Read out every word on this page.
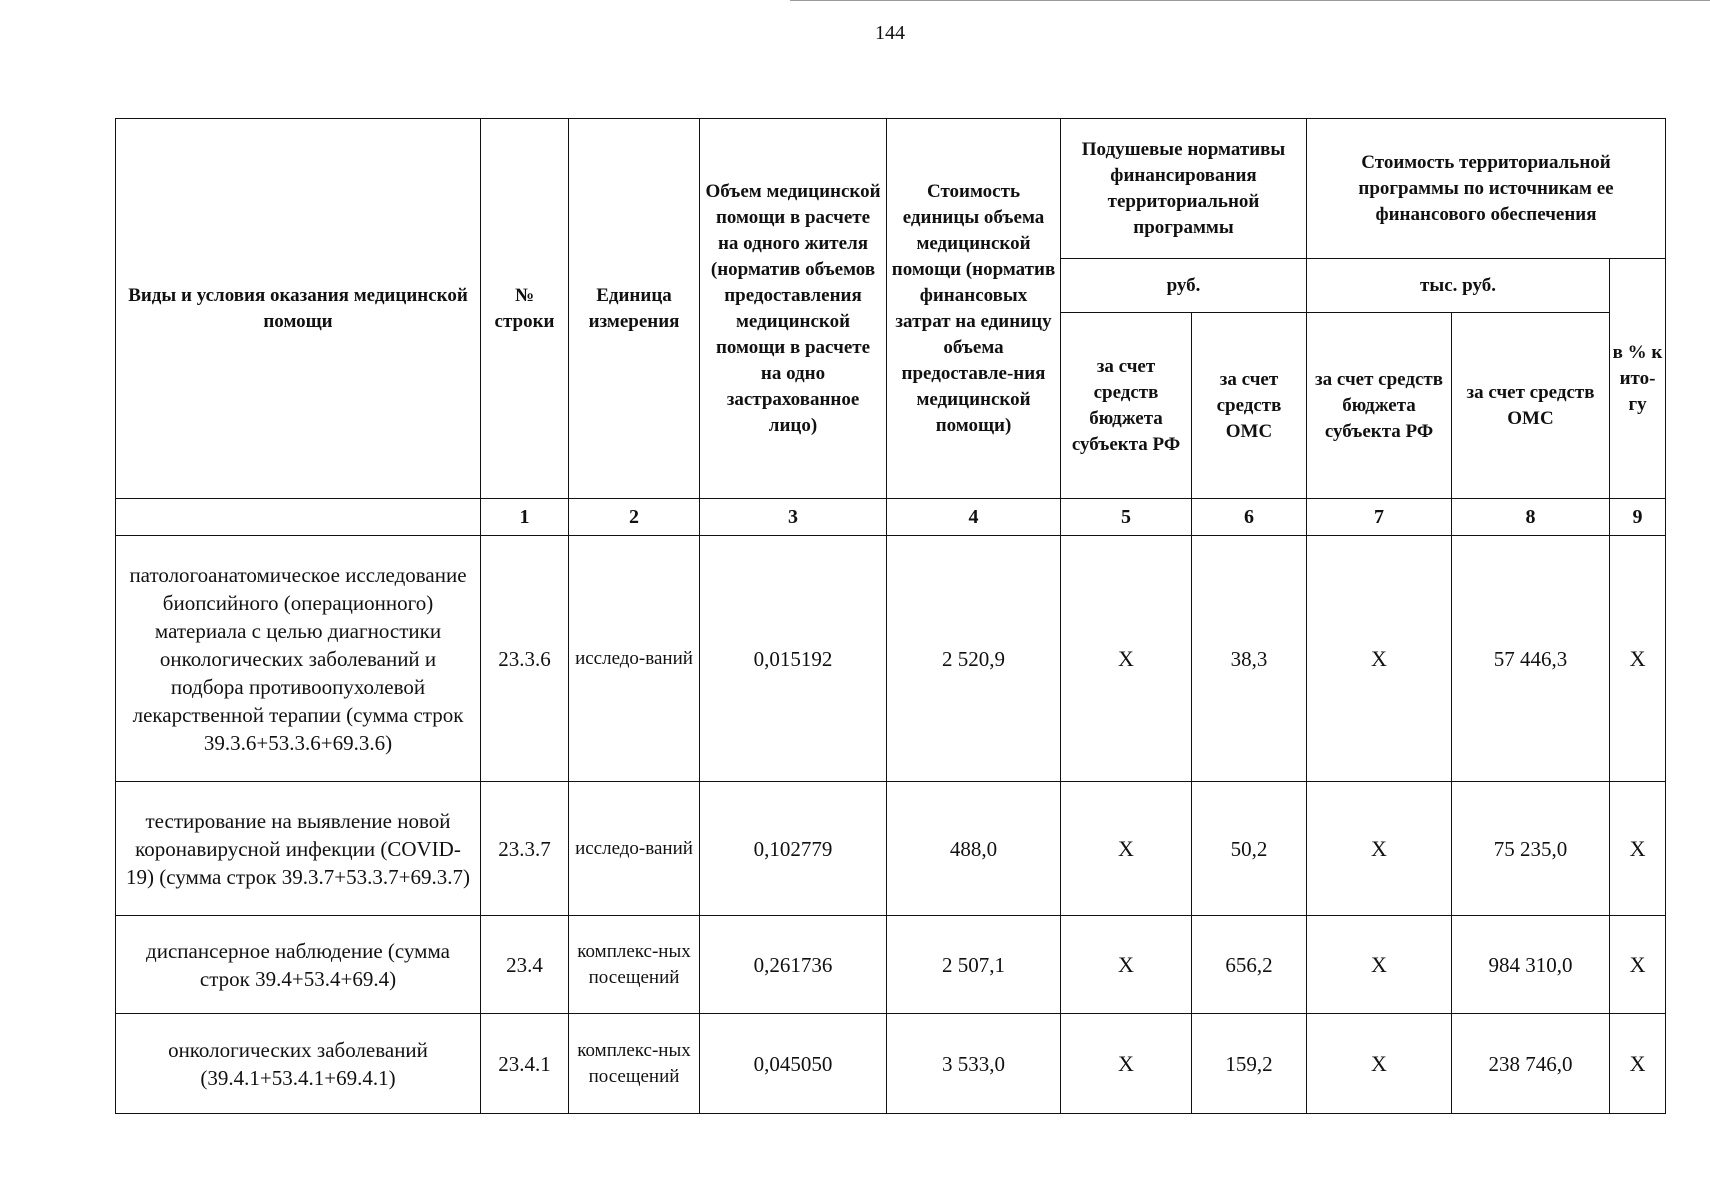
144
Виды и условия оказания медицинской помощи	№ строки	Единица измерения	Объем медицинской помощи в расчете на одного жителя (норматив объемов предоставления медицинской помощи в расчете на одно застрахованное лицо)	Стоимость единицы объема медицинской помощи (норматив финансовых затрат на единицу объема предоставле-ния медицинской помощи)	Подушевые нормативы финансирования территориальной программы		Стоимость территориальной программы по источникам ее финансового обеспечения		
					руб.		тыс. руб.		в % к ито-гу
					за счет средств бюджета субъекта РФ	за счет средств ОМС	за счет средств бюджета субъекта РФ	за счет средств ОМС	
	1	2	3	4	5	6	7	8	9
патологоанатомическое исследование биопсийного (операционного) материала с целью диагностики онкологических заболеваний и подбора противоопухолевой лекарственной терапии (сумма строк 39.3.6+53.3.6+69.3.6)	23.3.6	исследо-ваний	0,015192	2 520,9	X	38,3	X	57 446,3	X
тестирование на выявление новой коронавирусной инфекции (COVID-19) (сумма строк 39.3.7+53.3.7+69.3.7)	23.3.7	исследо-ваний	0,102779	488,0	X	50,2	X	75 235,0	X
диспансерное наблюдение (сумма строк 39.4+53.4+69.4)	23.4	комплекс-ных посещений	0,261736	2 507,1	X	656,2	X	984 310,0	X
онкологических заболеваний (39.4.1+53.4.1+69.4.1)	23.4.1	комплекс-ных посещений	0,045050	3 533,0	X	159,2	X	238 746,0	X
